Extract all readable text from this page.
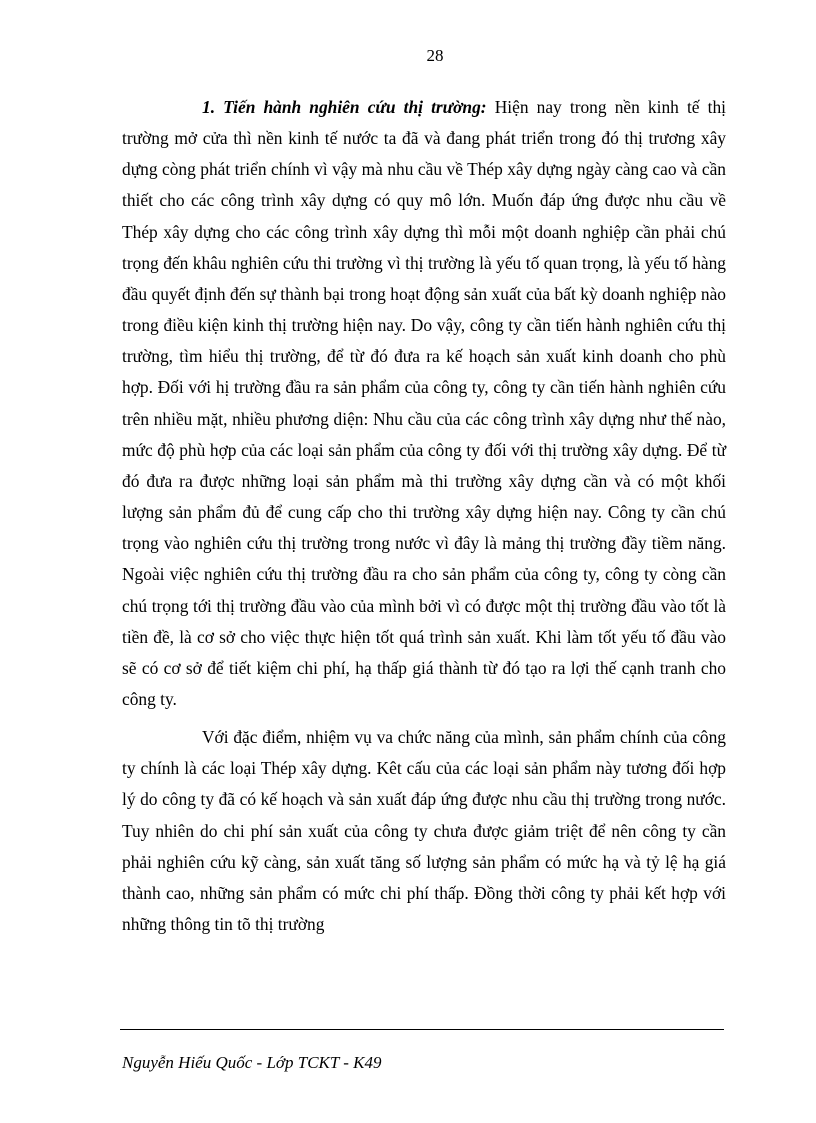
28

1. Tiến hành nghiên cứu thị trường: Hiện nay trong nền kinh tế thị trường mở cửa thì nền kinh tế nước ta đã và đang phát triển trong đó thị trương xây dựng còng phát triển chính vì vậy mà nhu cầu về Thép xây dựng ngày càng cao và cần thiết cho các công trình xây dựng có quy mô lớn. Muốn đáp ứng được nhu cầu về Thép xây dựng cho các công trình xây dựng thì mỗi một doanh nghiệp cần phải chú trọng đến khâu nghiên cứu thi trường vì thị trường là yếu tố quan trọng, là yếu tố hàng đầu quyết định đến sự thành bại trong hoạt động sản xuất của bất kỳ doanh nghiệp nào trong điều kiện kinh thị trường hiện nay. Do vậy, công ty cần tiến hành nghiên cứu thị trường, tìm hiểu thị trường, để từ đó đưa ra kế hoạch sản xuất kinh doanh cho phù hợp. Đối với hị trường đầu ra sản phẩm của công ty, công ty cần tiến hành nghiên cứu trên nhiều mặt, nhiều phương diện: Nhu cầu của các công trình xây dựng như thế nào, mức độ phù hợp của các loại sản phẩm của công ty đối với thị trường xây dựng. Để từ đó đưa ra được những loại sản phẩm mà thi trường xây dựng cần và có một khối lượng sản phẩm đủ để cung cấp cho thi trường xây dựng hiện nay. Công ty cần chú trọng vào nghiên cứu thị trường trong nước vì đây là mảng thị trường đầy tiềm năng. Ngoài việc nghiên cứu thị trường đầu ra cho sản phẩm của công ty, công ty còng cần chú trọng tới thị trường đầu vào của mình bởi vì có được một thị trường đầu vào tốt là tiền đề, là cơ sở cho việc thực hiện tốt quá trình sản xuất. Khi làm tốt yếu tố đầu vào sẽ có cơ sở để tiết kiệm chi phí, hạ thấp giá thành từ đó tạo ra lợi thế cạnh tranh cho công ty.

Với đặc điểm, nhiệm vụ va chức năng của mình, sản phẩm chính của công ty chính là các loại Thép xây dựng. Kêt cấu của các loại sản phẩm này tương đối hợp lý do công ty đã có kế hoạch và sản xuất đáp ứng được nhu cầu thị trường trong nước. Tuy nhiên do chi phí sản xuất của công ty chưa được giảm triệt để nên công ty cần phải nghiên cứu kỹ càng, sản xuất tăng số lượng sản phẩm có mức hạ và tỷ lệ hạ giá thành cao, những sản phẩm có mức chi phí thấp. Đồng thời công ty phải kết hợp với những thông tin tõ thị trường

Nguyễn Hiếu Quốc - Lớp TCKT - K49
